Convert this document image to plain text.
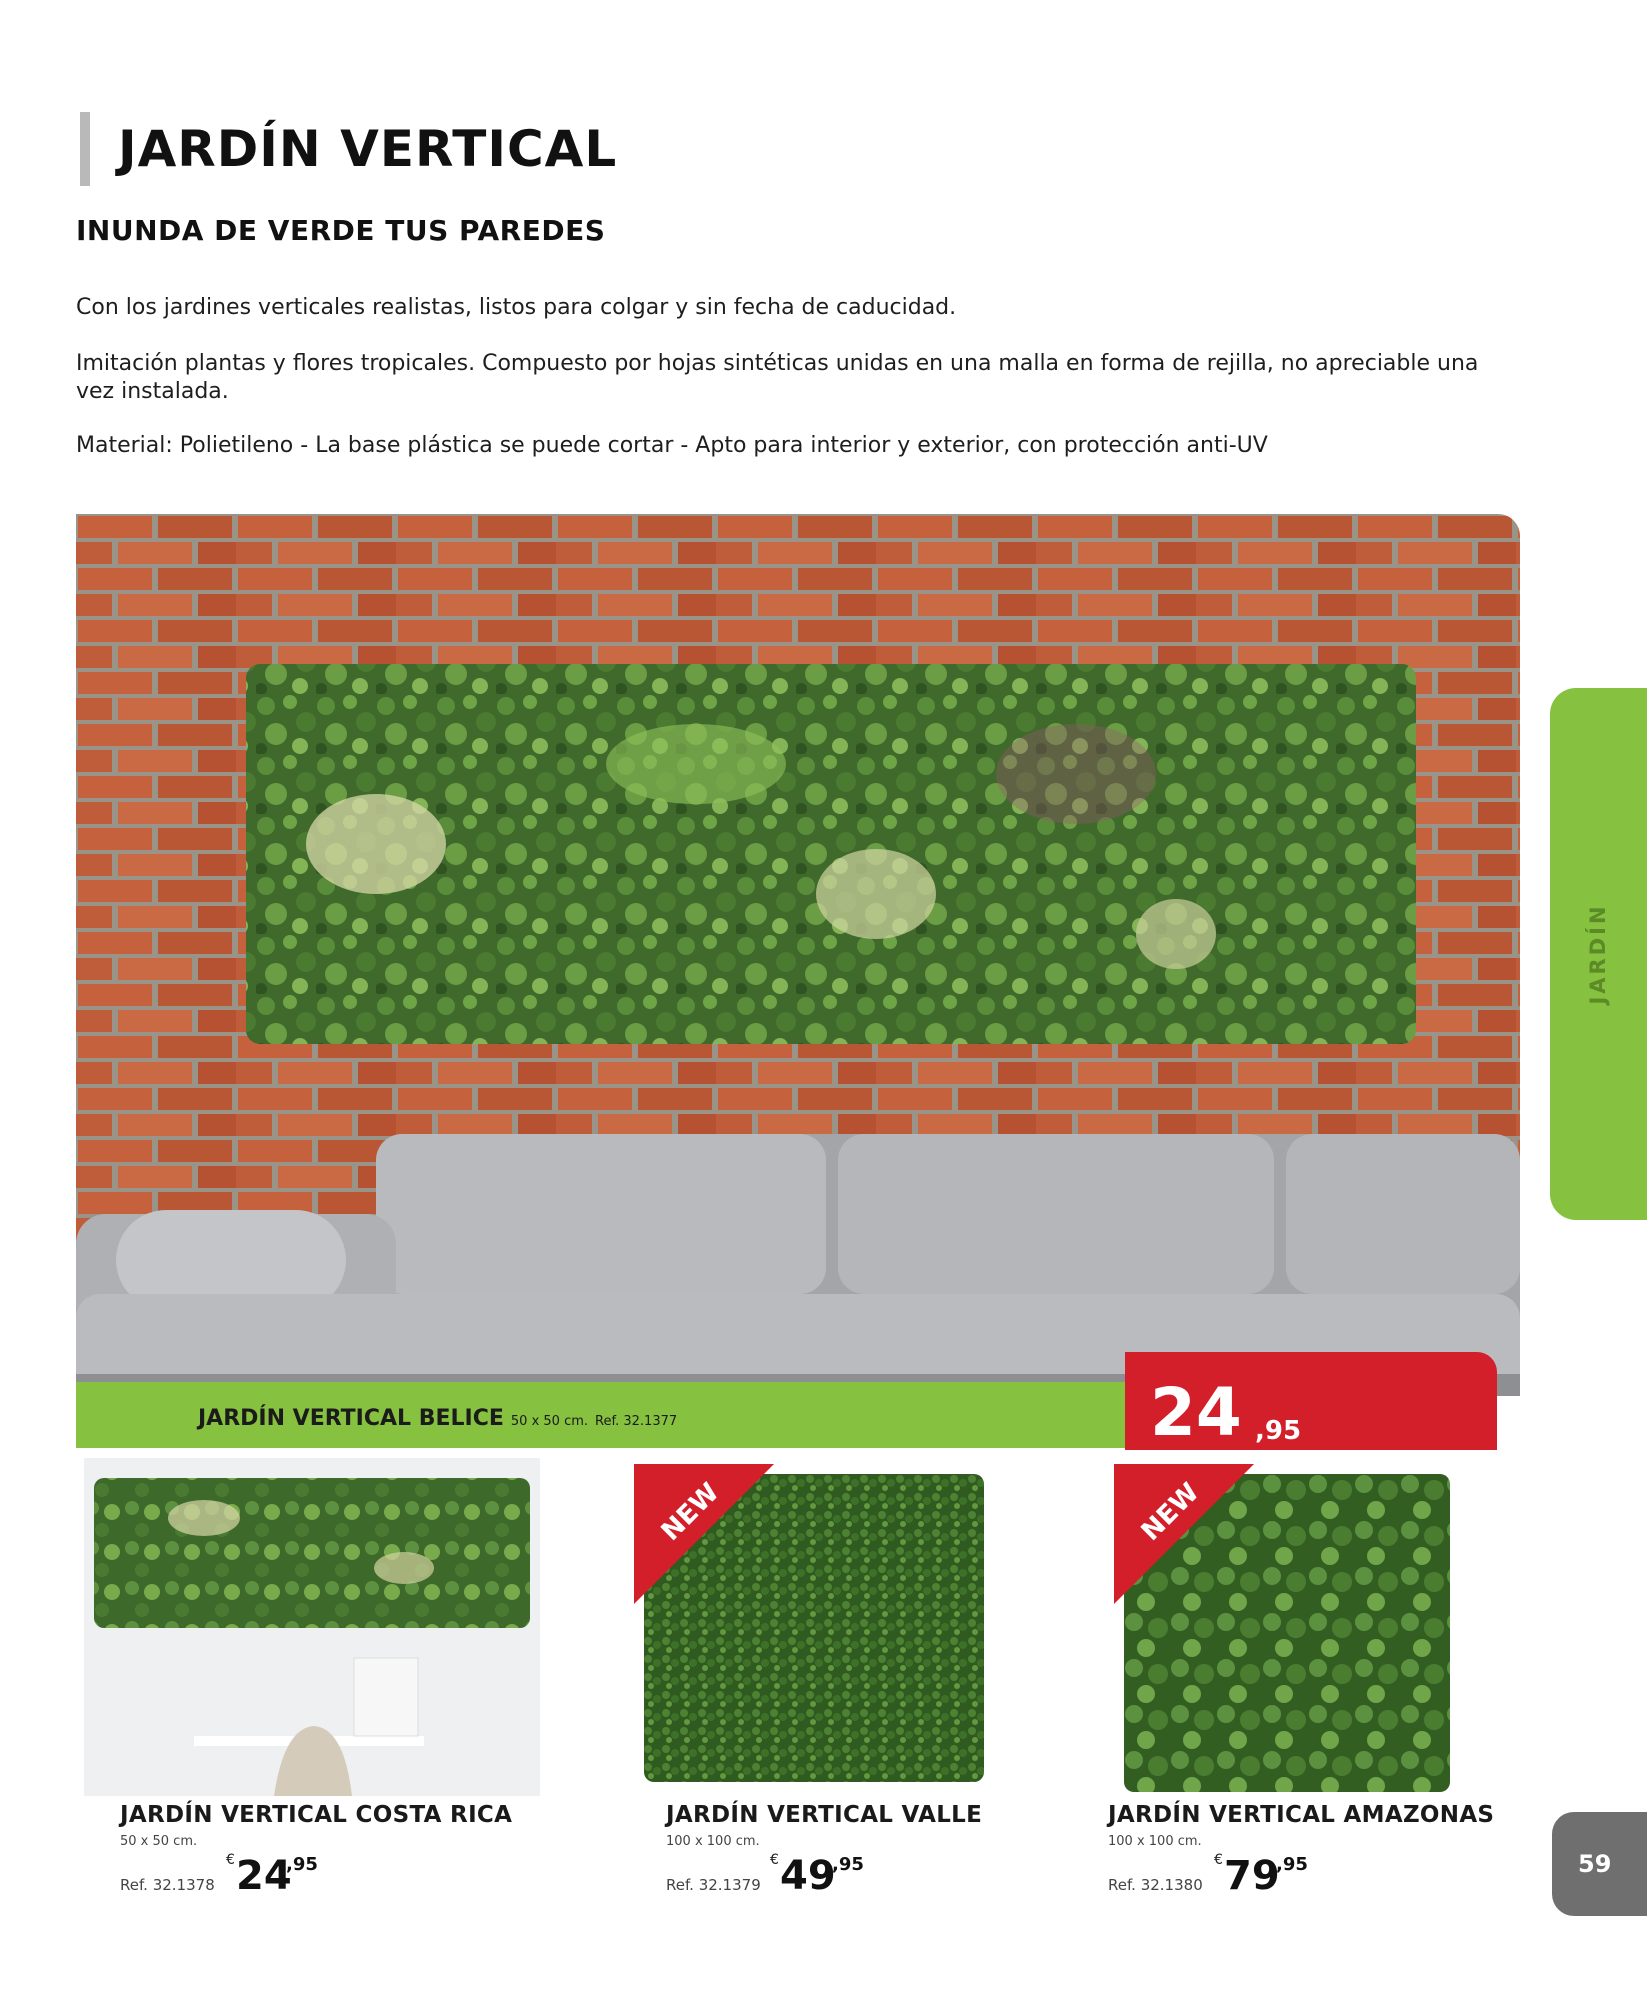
JARDÍN VERTICAL
INUNDA DE VERDE TUS PAREDES
Con los jardines verticales realistas, listos para colgar y sin fecha de caducidad.
Imitación plantas y flores tropicales. Compuesto por hojas sintéticas unidas en una malla en forma de rejilla, no apreciable una vez instalada.
Material: Polietileno - La base plástica se puede cortar - Apto para interior y exterior, con protección anti-UV
JARDÍN VERTICAL BELICE 50 x 50 cm. Ref. 32.1377	24 ,95
JARDÍN
JARDÍN VERTICAL COSTA RICA
50 x 50 cm.
Ref. 32.1378
€ 24
,95
NEW
JARDÍN VERTICAL VALLE
100 x 100 cm.
Ref. 32.1379
€ 49
,95
NEW
JARDÍN VERTICAL AMAZONAS
100 x 100 cm.
Ref. 32.1380
€ 79
,95	59
